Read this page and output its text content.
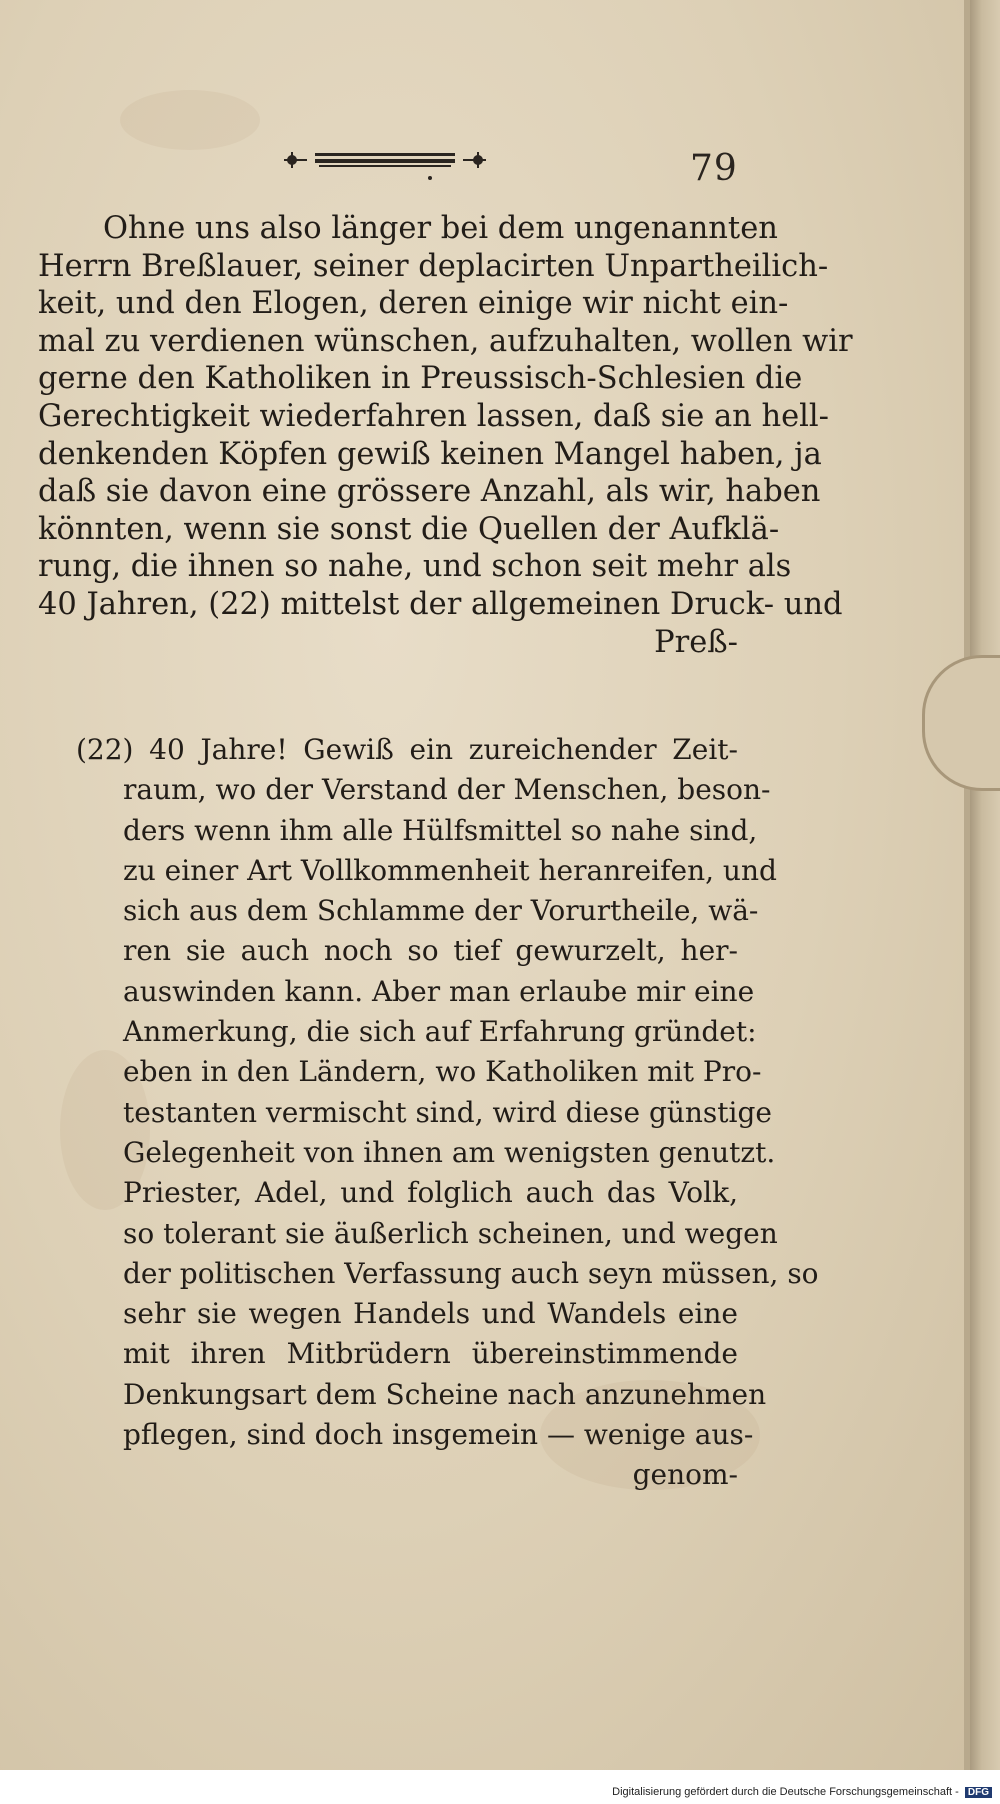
79
Ohne uns also länger bei dem ungenannten
Herrn Breßlauer, seiner deplacirten Unpartheilich-
keit, und den Elogen, deren einige wir nicht ein-
mal zu verdienen wünschen, aufzuhalten, wollen wir
gerne den Katholiken in Preussisch-Schlesien die
Gerechtigkeit wiederfahren lassen, daß sie an hell-
denkenden Köpfen gewiß keinen Mangel haben, ja
daß sie davon eine grössere Anzahl, als wir, haben
könnten, wenn sie sonst die Quellen der Aufklä-
rung, die ihnen so nahe, und schon seit mehr als
40 Jahren, (22) mittelst der allgemeinen Druck- und
Preß-
(22) 40 Jahre! Gewiß ein zureichender Zeit-
raum, wo der Verstand der Menschen, beson-
ders wenn ihm alle Hülfsmittel so nahe sind,
zu einer Art Vollkommenheit heranreifen, und
sich aus dem Schlamme der Vorurtheile, wä-
ren sie auch noch so tief gewurzelt, her-
auswinden kann. Aber man erlaube mir eine
Anmerkung, die sich auf Erfahrung gründet:
eben in den Ländern, wo Katholiken mit Pro-
testanten vermischt sind, wird diese günstige
Gelegenheit von ihnen am wenigsten genutzt.
Priester, Adel, und folglich auch das Volk,
so tolerant sie äußerlich scheinen, und wegen
der politischen Verfassung auch seyn müssen, so
sehr sie wegen Handels und Wandels eine
mit ihren Mitbrüdern übereinstimmende
Denkungsart dem Scheine nach anzunehmen
pflegen, sind doch insgemein — wenige aus-
genom-
Digitalisierung gefördert durch die Deutsche Forschungsgemeinschaft - DFG
